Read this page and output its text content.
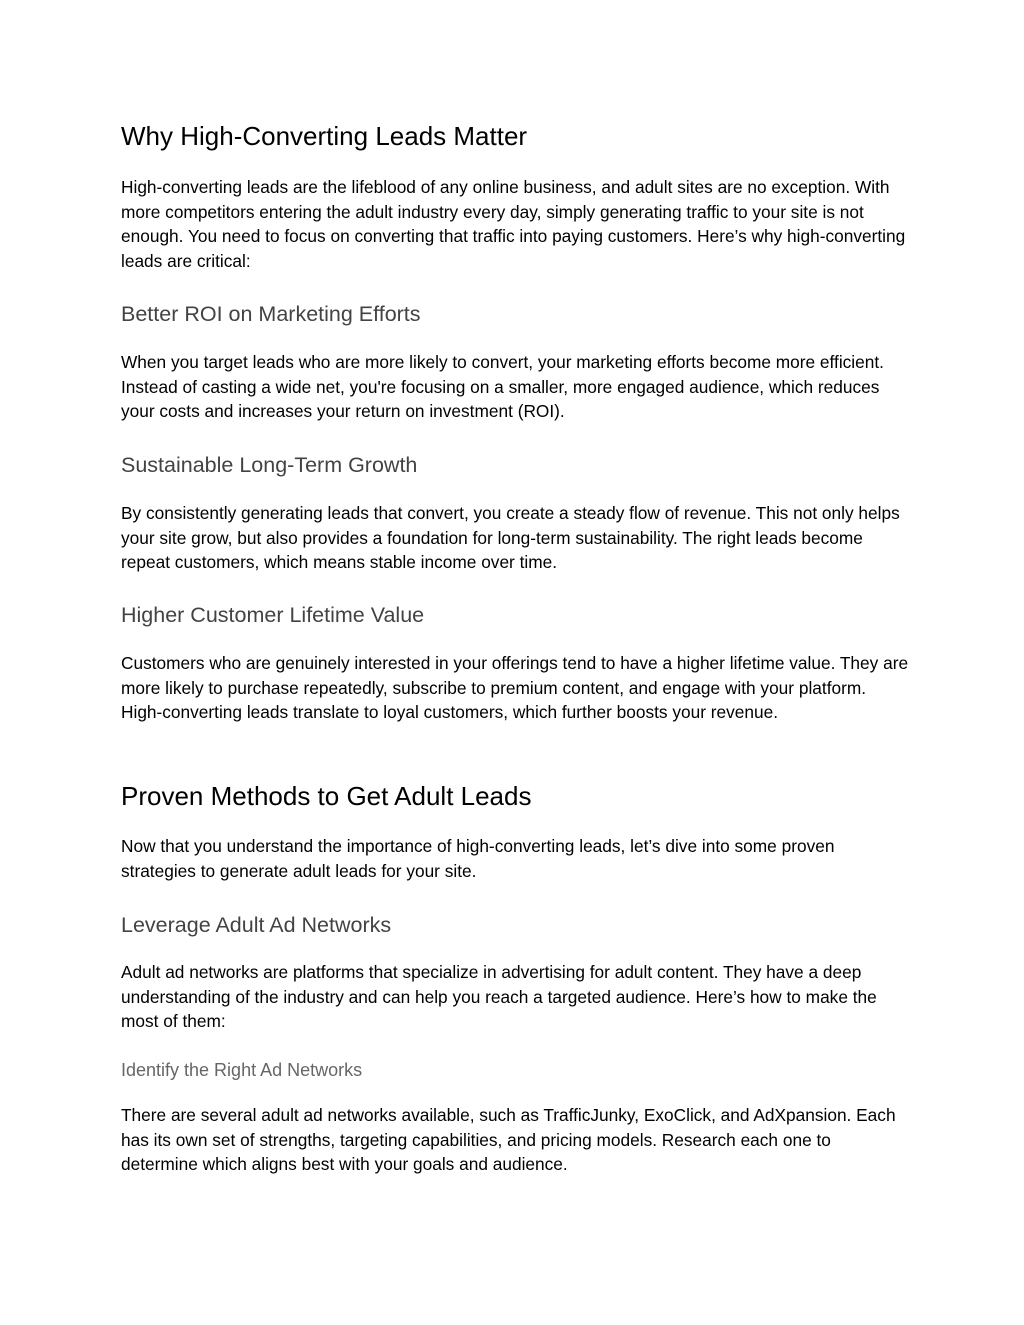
Why High-Converting Leads Matter

High-converting leads are the lifeblood of any online business, and adult sites are no exception. With more competitors entering the adult industry every day, simply generating traffic to your site is not enough. You need to focus on converting that traffic into paying customers. Here’s why high-converting leads are critical:

Better ROI on Marketing Efforts

When you target leads who are more likely to convert, your marketing efforts become more efficient. Instead of casting a wide net, you're focusing on a smaller, more engaged audience, which reduces your costs and increases your return on investment (ROI).

Sustainable Long-Term Growth

By consistently generating leads that convert, you create a steady flow of revenue. This not only helps your site grow, but also provides a foundation for long-term sustainability. The right leads become repeat customers, which means stable income over time.

Higher Customer Lifetime Value

Customers who are genuinely interested in your offerings tend to have a higher lifetime value. They are more likely to purchase repeatedly, subscribe to premium content, and engage with your platform. High-converting leads translate to loyal customers, which further boosts your revenue.

Proven Methods to Get Adult Leads

Now that you understand the importance of high-converting leads, let’s dive into some proven strategies to generate adult leads for your site.

Leverage Adult Ad Networks

Adult ad networks are platforms that specialize in advertising for adult content. They have a deep understanding of the industry and can help you reach a targeted audience. Here’s how to make the most of them:

Identify the Right Ad Networks

There are several adult ad networks available, such as TrafficJunky, ExoClick, and AdXpansion. Each has its own set of strengths, targeting capabilities, and pricing models. Research each one to determine which aligns best with your goals and audience.
